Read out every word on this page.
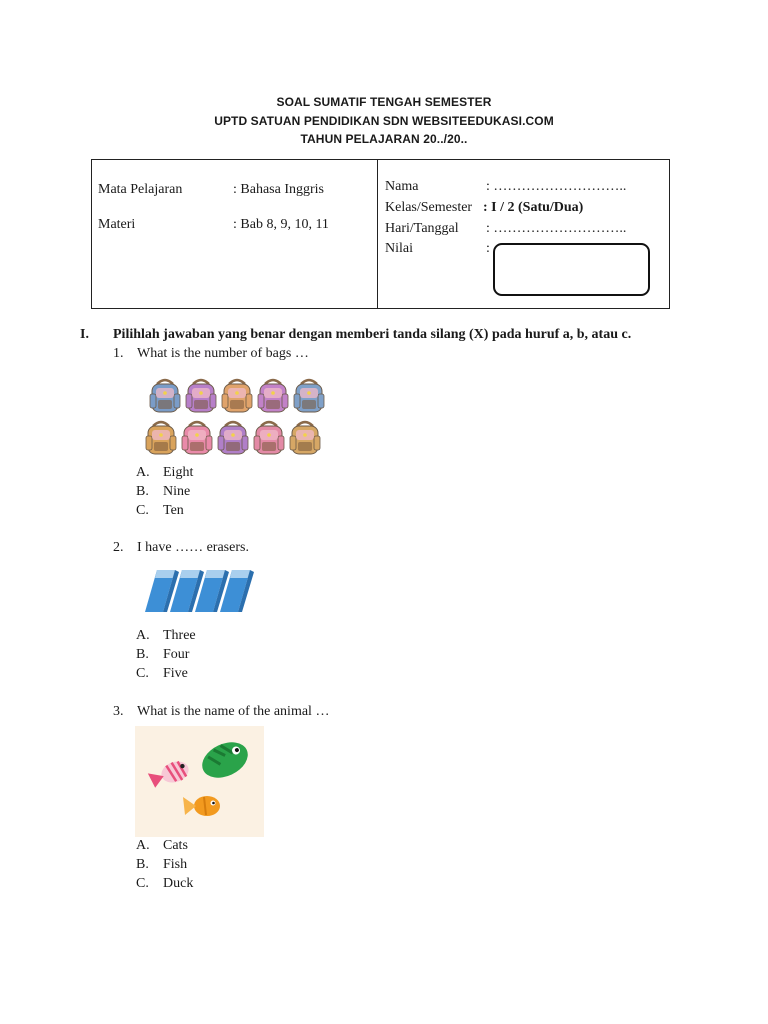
SOAL SUMATIF TENGAH SEMESTER
UPTD SATUAN PENDIDIKAN SDN WEBSITEEDUKASI.COM
TAHUN PELAJARAN 20../20..
Mata Pelajaran	: Bahasa Inggris
Materi	: Bab 8, 9, 10, 11
Nama	: ………………………..
Kelas/Semester : I / 2 (Satu/Dua)
Hari/Tanggal : ………………………..
Nilai	:
I. Pilihlah jawaban yang benar dengan memberi tanda silang (X) pada huruf a, b, atau c.
1. What is the number of bags …
A. Eight
B. Nine
C. Ten
2. I have …… erasers.
A. Three
B. Four
C. Five
3. What is the name of the animal …
A. Cats
B. Fish
C. Duck
